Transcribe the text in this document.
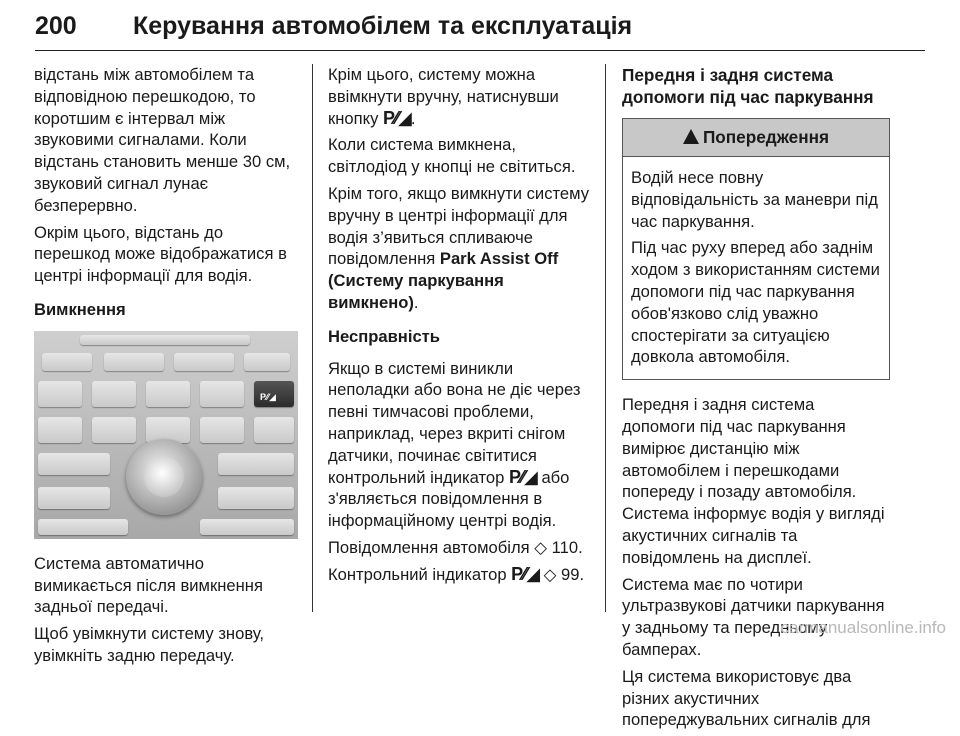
200 Керування автомобілем та експлуатація

відстань між автомобілем та відповідною перешкодою, то коротшим є інтервал між звуковими сигналами. Коли відстань становить менше 30 см, звуковий сигнал лунає безперервно.

Окрім цього, відстань до перешкод може відображатися в центрі інформації для водія.

Вимкнення

P⁄⁄◢

Система автоматично вимикається після вимкнення задньої передачі.

Щоб увімкнути систему знову, увімкніть задню передачу.

Крім цього, систему можна ввімкнути вручну, натиснувши кнопку P⁄⁄◢.

Коли система вимкнена, світлодіод у кнопці не світиться.

Крім того, якщо вимкнути систему вручну в центрі інформації для водія з’явиться спливаюче повідомлення Park Assist Off (Систему паркування вимкнено).

Несправність

Якщо в системі виникли неполадки або вона не діє через певні тимчасові проблеми, наприклад, через вкриті снігом датчики, починає світитися контрольний індикатор P⁄⁄◢ або з'являється повідомлення в інформаційному центрі водія.

Повідомлення автомобіля ◇ 110.

Контрольний індикатор P⁄⁄◢ ◇ 99.

Передня і задня система допомоги під час паркування

!Попередження

Водій несе повну відповідальність за маневри під час паркування.

Під час руху вперед або заднім ходом з використанням системи допомоги під час паркування обов'язково слід уважно спостерігати за ситуацією довкола автомобіля.

Передня і задня система допомоги під час паркування вимірює дистанцію між автомобілем і перешкодами попереду і позаду автомобіля. Система інформує водія у вигляді акустичних сигналів та повідомлень на дисплеї.

Система має по чотири ультразвукові датчики паркування у задньому та передньому бамперах.

Ця система використовує два різних акустичних попереджувальних сигналів для

carmanualsonline.info
